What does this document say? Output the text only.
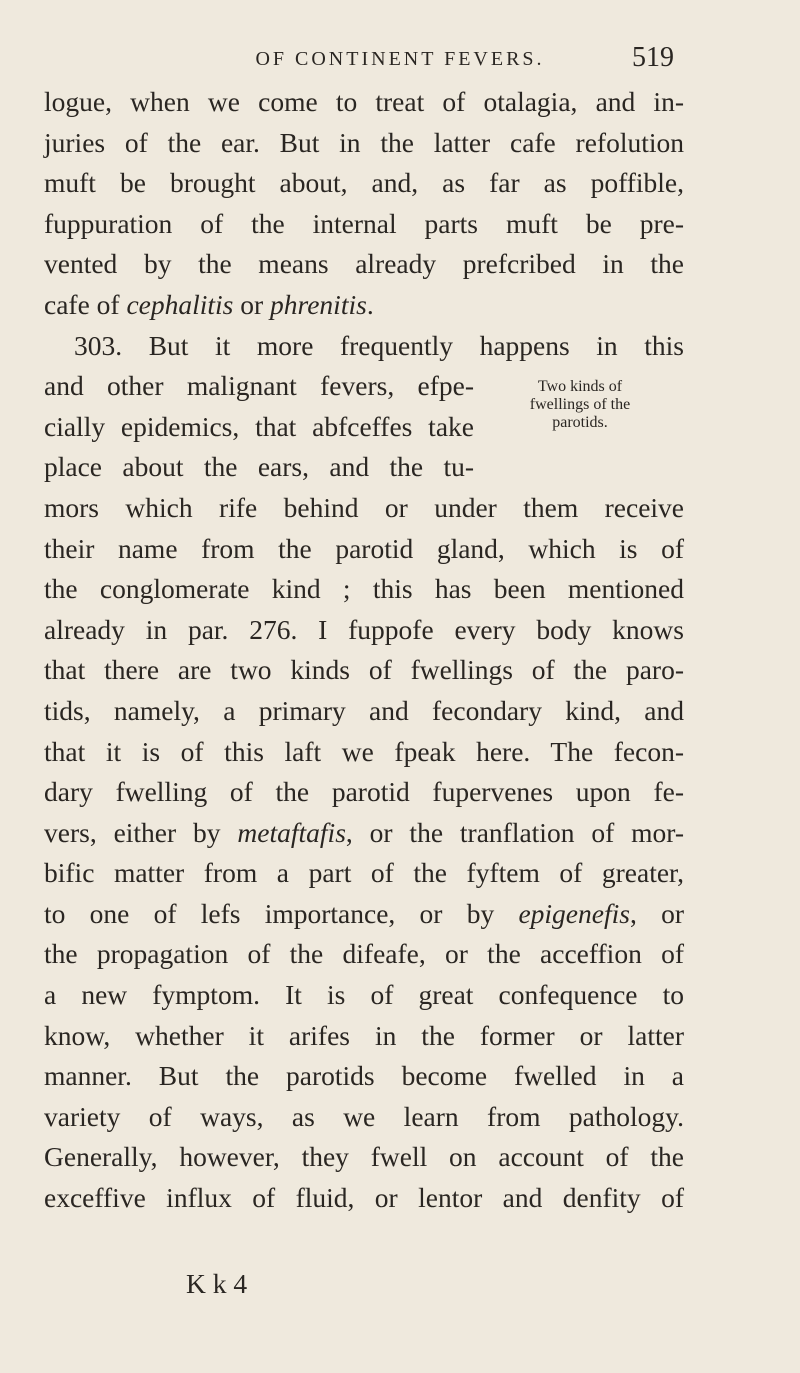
OF CONTINENT FEVERS.	519
logue, when we come to treat of otalagia, and in-
juries of the ear. But in the latter cafe refolution
muft be brought about, and, as far as poffible,
fuppuration of the internal parts muft be pre-
vented by the means already prefcribed in the
cafe of cephalitis or phrenitis.
303. But it more frequently happens in this
and other malignant fevers, efpe-
cially epidemics, that abfceffes take
place about the ears, and the tu-
mors which rife behind or under them receive
their name from the parotid gland, which is of
the conglomerate kind ; this has been mentioned
already in par. 276. I fuppofe every body knows
that there are two kinds of fwellings of the paro-
tids, namely, a primary and fecondary kind, and
that it is of this laft we fpeak here. The fecon-
dary fwelling of the parotid fupervenes upon fe-
vers, either by metaftafis, or the tranflation of mor-
bific matter from a part of the fyftem of greater,
to one of lefs importance, or by epigenefis, or
the propagation of the difeafe, or the acceffion of
a new fymptom. It is of great confequence to
know, whether it arifes in the former or latter
manner. But the parotids become fwelled in a
variety of ways, as we learn from pathology.
Generally, however, they fwell on account of the
exceffive influx of fluid, or lentor and denfity of
Two kinds of
fwellings of the
parotids.
K k 4
